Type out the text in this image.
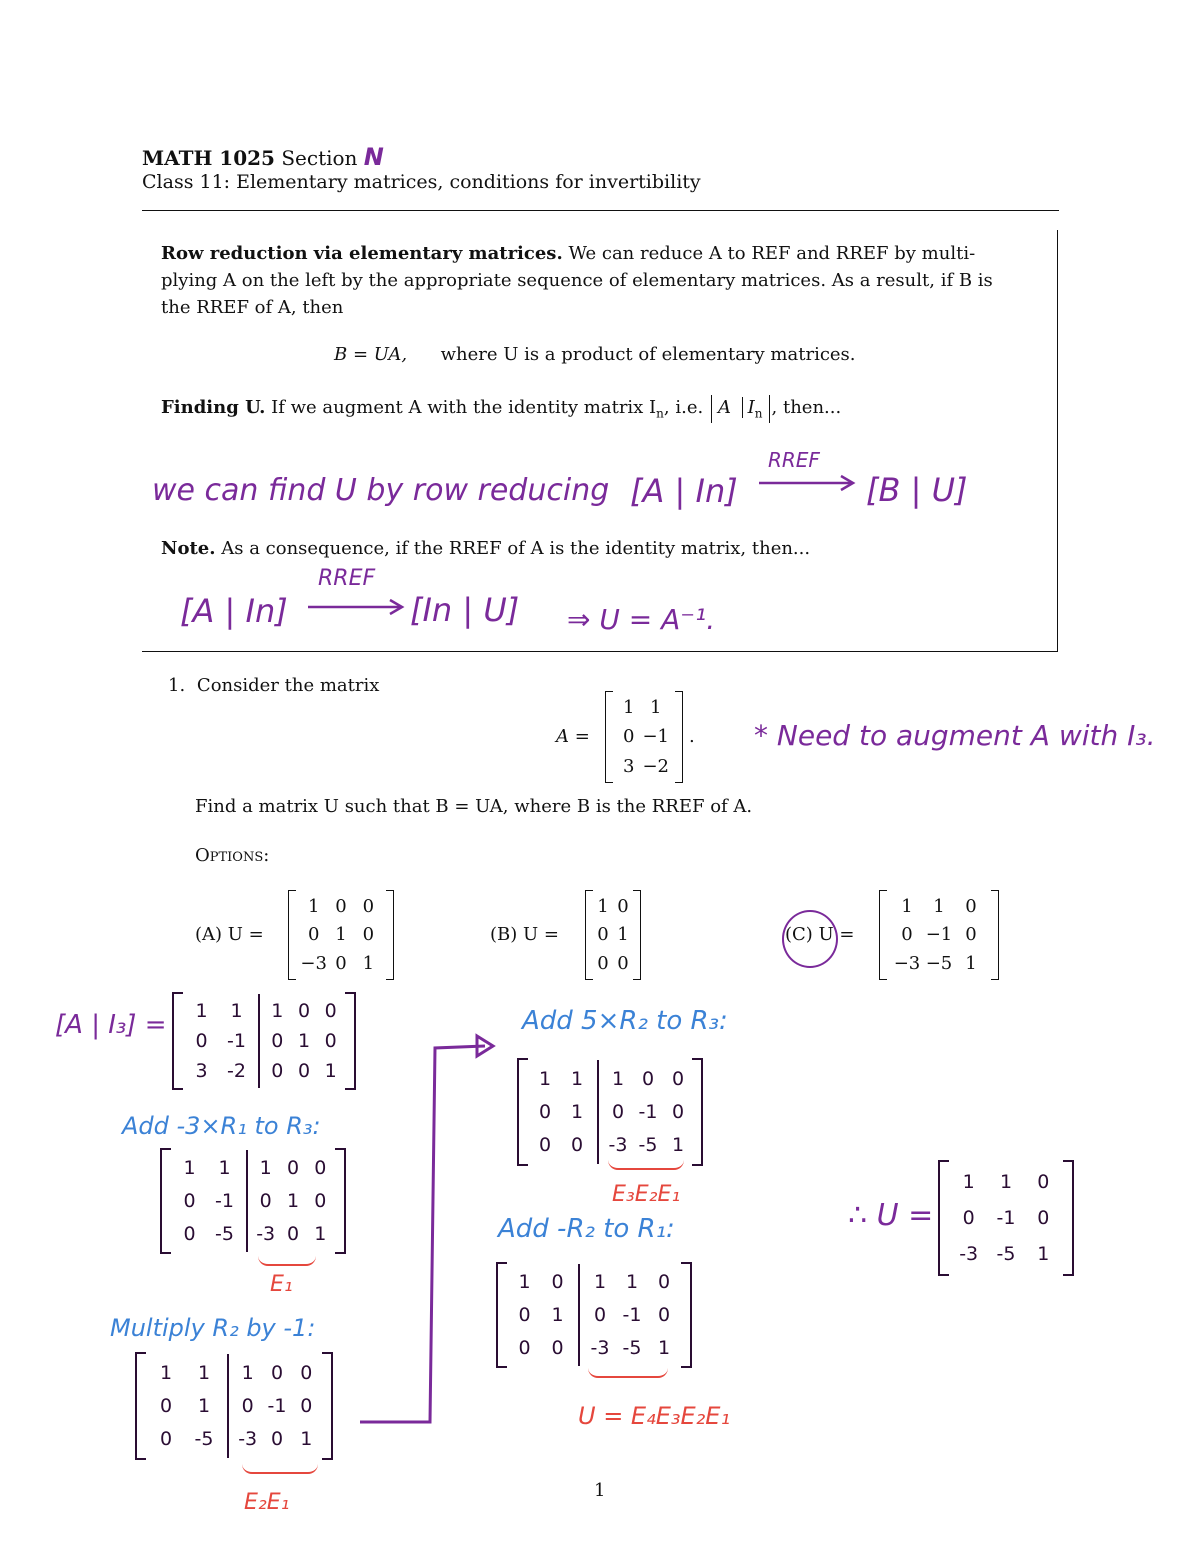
MATH 1025 Section N
Class 11: Elementary matrices, conditions for invertibility
Row reduction via elementary matrices. We can reduce A to REF and RREF by multi-
plying A on the left by the appropriate sequence of elementary matrices. As a result, if B is
the RREF of A, then
B = UA, where U is a product of elementary matrices.
Finding U. If we augment A with the identity matrix $I_n$, i.e. A $I_n$ , then...
we can find U by row reducing [A | In]
RREF
[B | U]
Note. As a consequence, if the RREF of A is the identity matrix, then...
[A | In]
RREF
[In | U] ⇒ U = A⁻¹.
1. Consider the matrix
A =
1 1
0 −1
3 −2
. * Need to augment A with I₃.
Find a matrix U such that B = UA, where B is the RREF of A.
Options:
(A) U =
1 0 0
0 1 0
−3 0 1
(B) U =
1 0
0 1
0 0
(C) U =
1 1 0
0 −1 0
−3 −5 1
[A | I₃] = 1 1
0 -1
3 -2
1 0 0
0 1 0
0 0 1
Add -3×R₁ to R₃:
1 1
0 -1
0 -5
1 0 0
0 1 0
-3 0 1
E₁
Multiply R₂ by -1:
1 1
0 1
0 -5
1 0 0
0 -1 0
-3 0 1
E₂E₁
Add 5×R₂ to R₃:
1 1
0 1
0 0
1 0 0
0 -1 0
-3 -5 1
E₃E₂E₁
Add -R₂ to R₁:
1 0
0 1
0 0
1 1 0
0 -1 0
-3 -5 1
U = E₄E₃E₂E₁
∴ U =
1 1 0
0 -1 0
-3 -5 1
1
